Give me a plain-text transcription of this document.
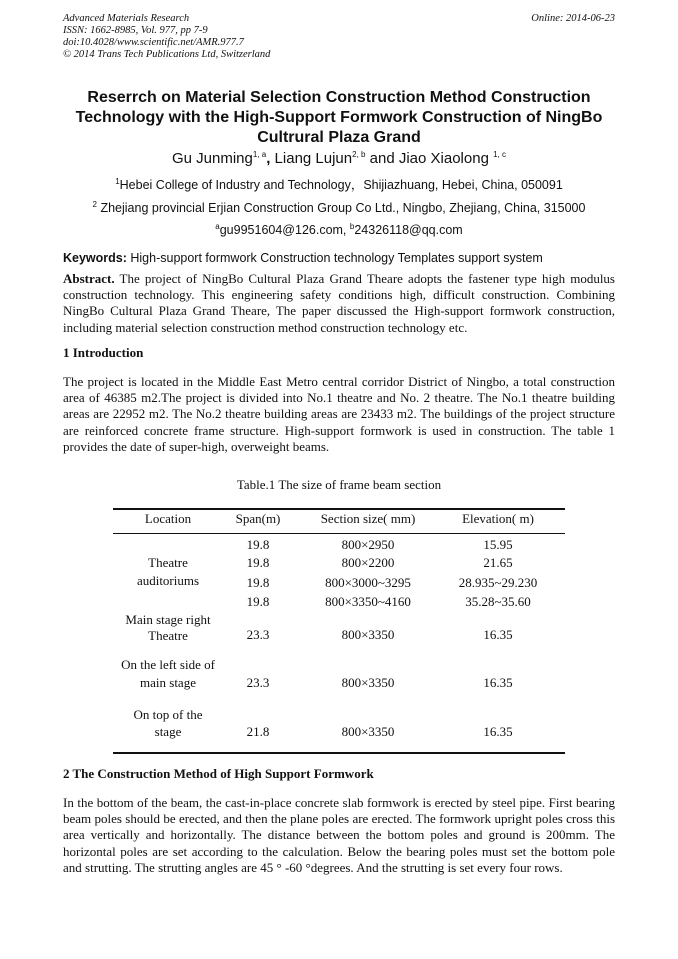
Advanced Materials Research
ISSN: 1662-8985, Vol. 977, pp 7-9
doi:10.4028/www.scientific.net/AMR.977.7
© 2014 Trans Tech Publications Ltd, Switzerland
Online: 2014-06-23
Reserrch on Material Selection Construction Method Construction
Technology with the High-Support Formwork Construction of NingBo
Cultrural Plaza Grand
Gu Junming$^{1, a}$, Liang Lujun$^{2, b}$ and Jiao Xiaolong $^{1, c}$
$^1$Hebei College of Industry and Technology，Shijiazhuang, Hebei, China, 050091
$^2$ Zhejiang provincial Erjian Construction Group Co Ltd., Ningbo, Zhejiang, China, 315000
$^a$gu9951604@126.com, $^b$24326118@qq.com
Keywords: High-support formwork Construction technology Templates support system

Abstract. The project of NingBo Cultural Plaza Grand Theare adopts the fastener type high modulus construction technology. This engineering safety conditions high, difficult construction. Combining NingBo Cultural Plaza Grand Theare, The paper discussed the High-support formwork construction, including material selection construction method construction technology etc.

1 Introduction

The project is located in the Middle East Metro central corridor District of Ningbo, a total construction area of 46385 m2.The project is divided into No.1 theatre and No. 2 theatre. The No.1 theatre building areas are 22952 m2. The No.2 theatre building areas are 23433 m2. The buildings of the project structure are reinforced concrete frame structure. High-support formwork is used in construction. The table 1 provides the date of super-high, overweight beams.

Table.1 The size of frame beam section
Location	Span(m)	Section size( mm)	Elevation( m)
Theatre
auditoriums
19.8	800×2950	15.95
19.8	800×2200	21.65
19.8	800×3000~3295	28.935~29.230
19.8	800×3350~4160	35.28~35.60
Main stage right
Theatre	23.3	800×3350	16.35
On the left side of
main stage	23.3	800×3350	16.35
On top of the
stage	21.8	800×3350	16.35
2 The Construction Method of High Support Formwork

In the bottom of the beam, the cast-in-place concrete slab formwork is erected by steel pipe. First bearing beam poles should be erected, and then the plane poles are erected. The formwork upright poles cross this area vertically and horizontally. The distance between the bottom poles and ground is 200mm. The horizontal poles are set according to the calculation. Below the bearing poles must set the bottom pole and strutting. The strutting angles are 45 ° -60 °degrees. And the strutting is set every four rows.
